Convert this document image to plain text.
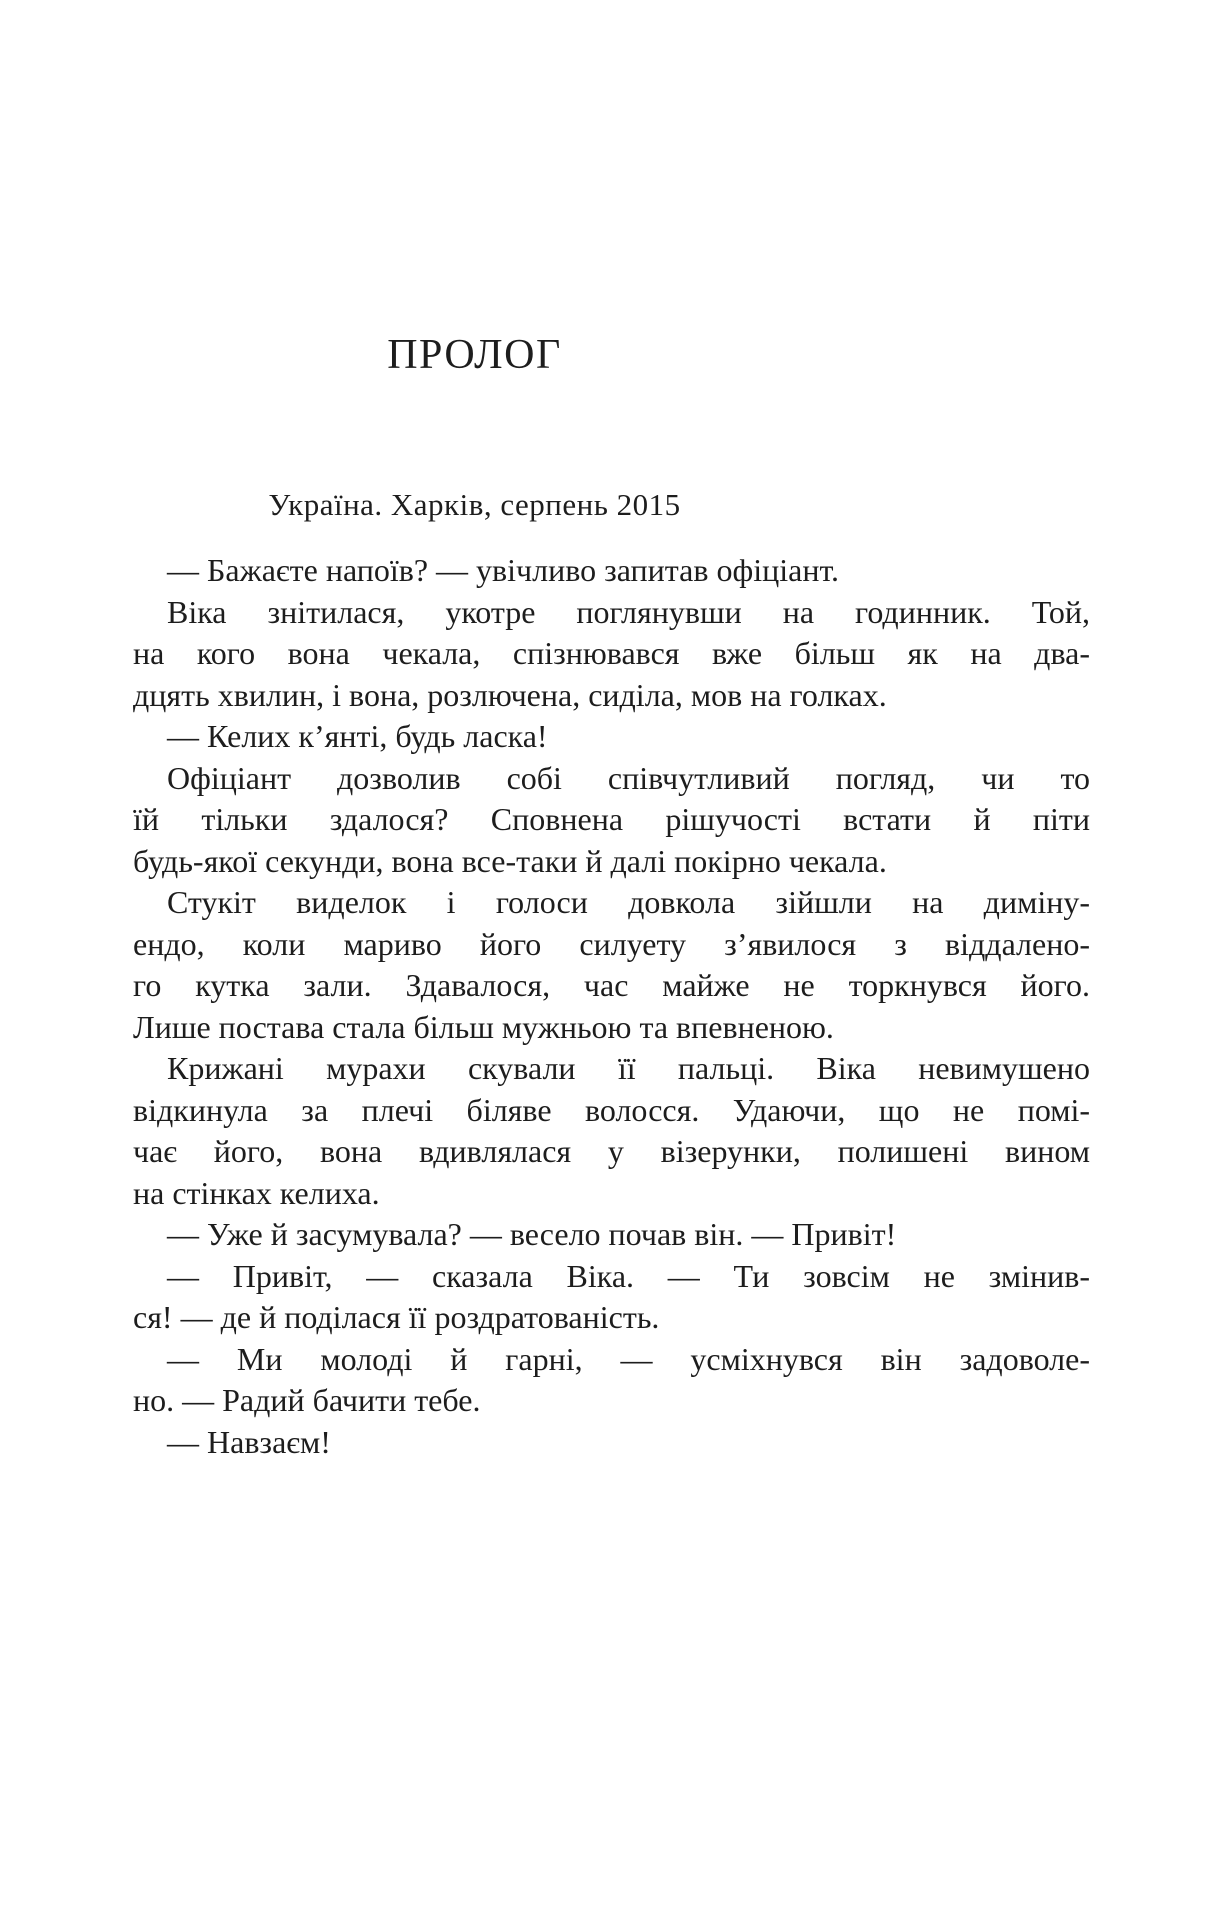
ПРОЛОГ
Україна. Харків, серпень 2015

— Бажаєте напоїв? — увічливо запитав офіціант.

Віка знітилася, укотре поглянувши на годинник. Той,
на кого вона чекала, спізнювався вже більш як на два-
дцять хвилин, і вона, розлючена, сиділа, мов на голках.

— Келих к’янті, будь ласка!

Офіціант дозволив собі співчутливий погляд, чи то
їй тільки здалося? Сповнена рішучості встати й піти
будь-якої секунди, вона все-таки й далі покірно чекала.

Стукіт виделок і голоси довкола зійшли на диміну-
ендо, коли мариво його силуету з’явилося з віддалено-
го кутка зали. Здавалося, час майже не торкнувся його.
Лише постава стала більш мужньою та впевненою.

Крижані мурахи скували її пальці. Віка невимушено
відкинула за плечі біляве волосся. Удаючи, що не помі-
чає його, вона вдивлялася у візерунки, полишені вином
на стінках келиха.

— Уже й засумувала? — весело почав він. — Привіт!

— Привіт, — сказала Віка. — Ти зовсім не змінив-
ся! — де й поділася її роздратованість.

— Ми молоді й гарні, — усміхнувся він задоволе-
но. — Радий бачити тебе.

— Навзаєм!
